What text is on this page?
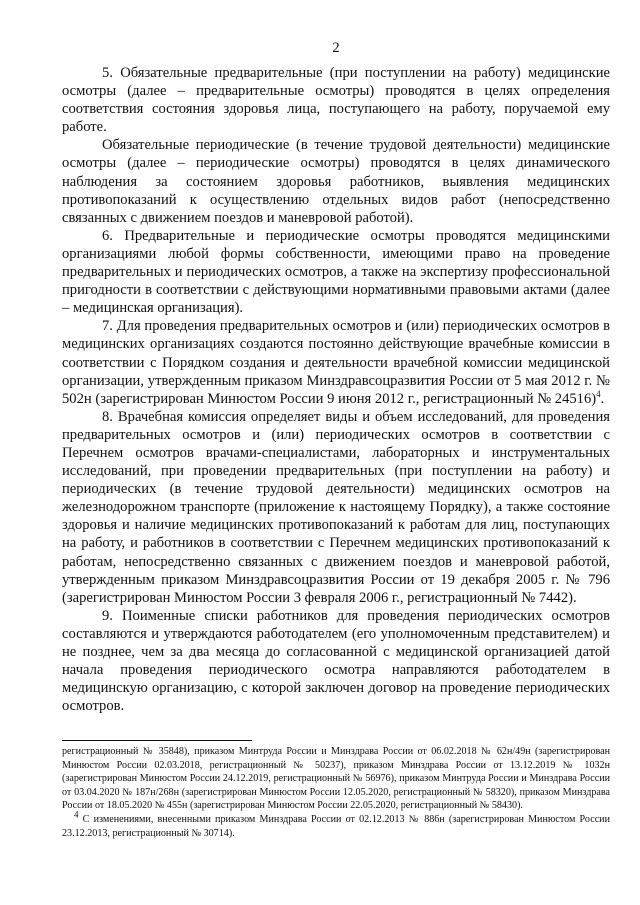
2

5. Обязательные предварительные (при поступлении на работу) медицинские осмотры (далее – предварительные осмотры) проводятся в целях определения соответствия состояния здоровья лица, поступающего на работу, поручаемой ему работе.

Обязательные периодические (в течение трудовой деятельности) медицинские осмотры (далее – периодические осмотры) проводятся в целях динамического наблюдения за состоянием здоровья работников, выявления медицинских противопоказаний к осуществлению отдельных видов работ (непосредственно связанных с движением поездов и маневровой работой).

6. Предварительные и периодические осмотры проводятся медицинскими организациями любой формы собственности, имеющими право на проведение предварительных и периодических осмотров, а также на экспертизу профессиональной пригодности в соответствии с действующими нормативными правовыми актами (далее – медицинская организация).

7. Для проведения предварительных осмотров и (или) периодических осмотров в медицинских организациях создаются постоянно действующие врачебные комиссии в соответствии с Порядком создания и деятельности врачебной комиссии медицинской организации, утвержденным приказом Минздравсоцразвития России от 5 мая 2012 г. № 502н (зарегистрирован Минюстом России 9 июня 2012 г., регистрационный № 24516)$^4$.

8. Врачебная комиссия определяет виды и объем исследований, для проведения предварительных осмотров и (или) периодических осмотров в соответствии с Перечнем осмотров врачами-специалистами, лабораторных и инструментальных исследований, при проведении предварительных (при поступлении на работу) и периодических (в течение трудовой деятельности) медицинских осмотров на железнодорожном транспорте (приложение к настоящему Порядку), а также состояние здоровья и наличие медицинских противопоказаний к работам для лиц, поступающих на работу, и работников в соответствии с Перечнем медицинских противопоказаний к работам, непосредственно связанных с движением поездов и маневровой работой, утвержденным приказом Минздравсоцразвития России от 19 декабря 2005 г. № 796 (зарегистрирован Минюстом России 3 февраля 2006 г., регистрационный № 7442).

9. Поименные списки работников для проведения периодических осмотров составляются и утверждаются работодателем (его уполномоченным представителем) и не позднее, чем за два месяца до согласованной с медицинской организацией датой начала проведения периодического осмотра направляются работодателем в медицинскую организацию, с которой заключен договор на проведение периодических осмотров.

регистрационный № 35848), приказом Минтруда России и Минздрава России от 06.02.2018 № 62н/49н (зарегистрирован Минюстом России 02.03.2018, регистрационный № 50237), приказом Минздрава России от 13.12.2019 № 1032н (зарегистрирован Минюстом России 24.12.2019, регистрационный № 56976), приказом Минтруда России и Минздрава России от 03.04.2020 № 187н/268н (зарегистрирован Минюстом России 12.05.2020, регистрационный № 58320), приказом Минздрава России от 18.05.2020 № 455н (зарегистрирован Минюстом России 22.05.2020, регистрационный № 58430).

$^4$ С изменениями, внесенными приказом Минздрава России от 02.12.2013 № 886н (зарегистрирован Минюстом России 23.12.2013, регистрационный № 30714).
